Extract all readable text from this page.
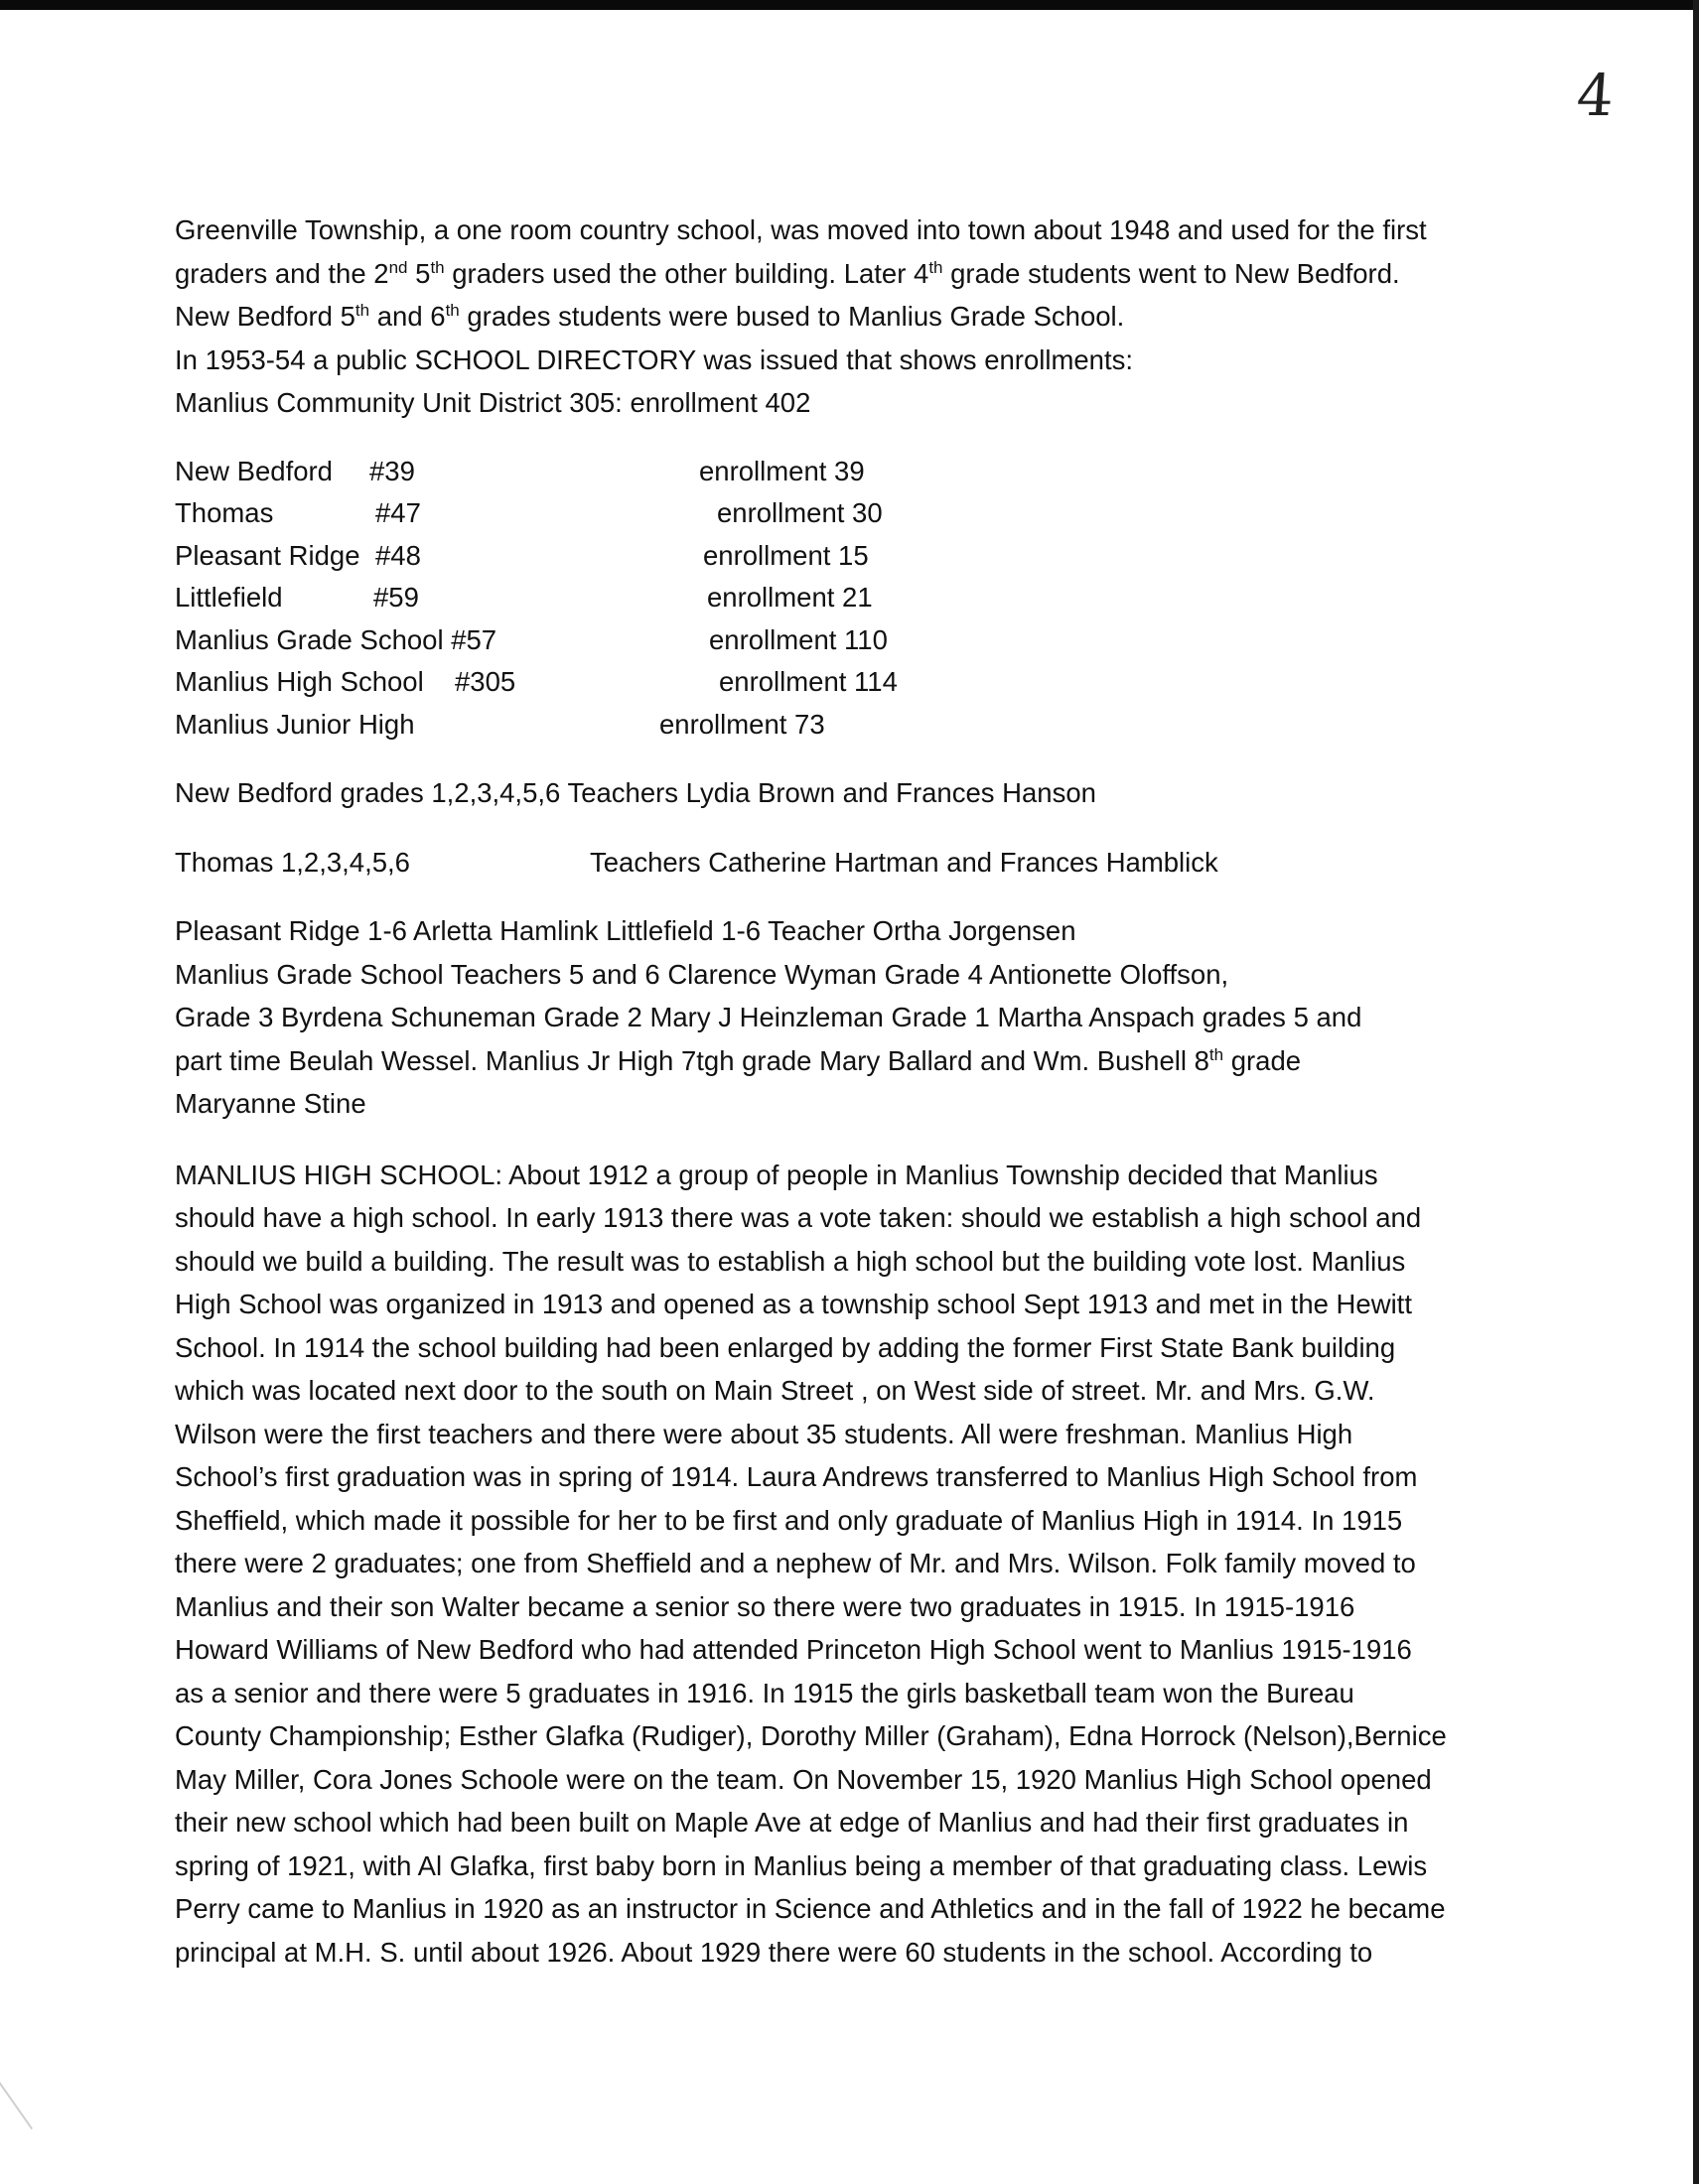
4
Greenville Township, a one room country school, was moved into town about 1948 and used for the first
graders and the 2nd 5th graders used the other building. Later 4th grade students went to New Bedford.
New Bedford 5th and 6th grades students were bused to Manlius Grade School.
In 1953-54 a public SCHOOL DIRECTORY was issued that shows enrollments:
Manlius Community Unit District 305: enrollment 402
New Bedford #39	enrollment 39
Thomas	#47	enrollment 30
Pleasant Ridge #48	enrollment 15
Littlefield	#59	enrollment 21
Manlius Grade School #57	enrollment 110
Manlius High School #305	enrollment 114
Manlius Junior High	enrollment 73
New Bedford grades 1,2,3,4,5,6 Teachers Lydia Brown and Frances Hanson
Thomas 1,2,3,4,5,6	Teachers Catherine Hartman and Frances Hamblick
Pleasant Ridge 1-6 Arletta Hamlink Littlefield 1-6 Teacher Ortha Jorgensen
Manlius Grade School Teachers 5 and 6 Clarence Wyman Grade 4 Antionette Oloffson,
Grade 3 Byrdena Schuneman Grade 2 Mary J Heinzleman Grade 1 Martha Anspach grades 5 and
part time Beulah Wessel. Manlius Jr High 7tgh grade Mary Ballard and Wm. Bushell 8th grade
Maryanne Stine
MANLIUS HIGH SCHOOL: About 1912 a group of people in Manlius Township decided that Manlius
should have a high school. In early 1913 there was a vote taken: should we establish a high school and
should we build a building. The result was to establish a high school but the building vote lost. Manlius
High School was organized in 1913 and opened as a township school Sept 1913 and met in the Hewitt
School. In 1914 the school building had been enlarged by adding the former First State Bank building
which was located next door to the south on Main Street , on West side of street. Mr. and Mrs. G.W.
Wilson were the first teachers and there were about 35 students. All were freshman. Manlius High
School’s first graduation was in spring of 1914. Laura Andrews transferred to Manlius High School from
Sheffield, which made it possible for her to be first and only graduate of Manlius High in 1914. In 1915
there were 2 graduates; one from Sheffield and a nephew of Mr. and Mrs. Wilson. Folk family moved to
Manlius and their son Walter became a senior so there were two graduates in 1915. In 1915-1916
Howard Williams of New Bedford who had attended Princeton High School went to Manlius 1915-1916
as a senior and there were 5 graduates in 1916. In 1915 the girls basketball team won the Bureau
County Championship; Esther Glafka (Rudiger), Dorothy Miller (Graham), Edna Horrock (Nelson),Bernice
May Miller, Cora Jones Schoole were on the team. On November 15, 1920 Manlius High School opened
their new school which had been built on Maple Ave at edge of Manlius and had their first graduates in
spring of 1921, with Al Glafka, first baby born in Manlius being a member of that graduating class. Lewis
Perry came to Manlius in 1920 as an instructor in Science and Athletics and in the fall of 1922 he became
principal at M.H. S. until about 1926. About 1929 there were 60 students in the school. According to
